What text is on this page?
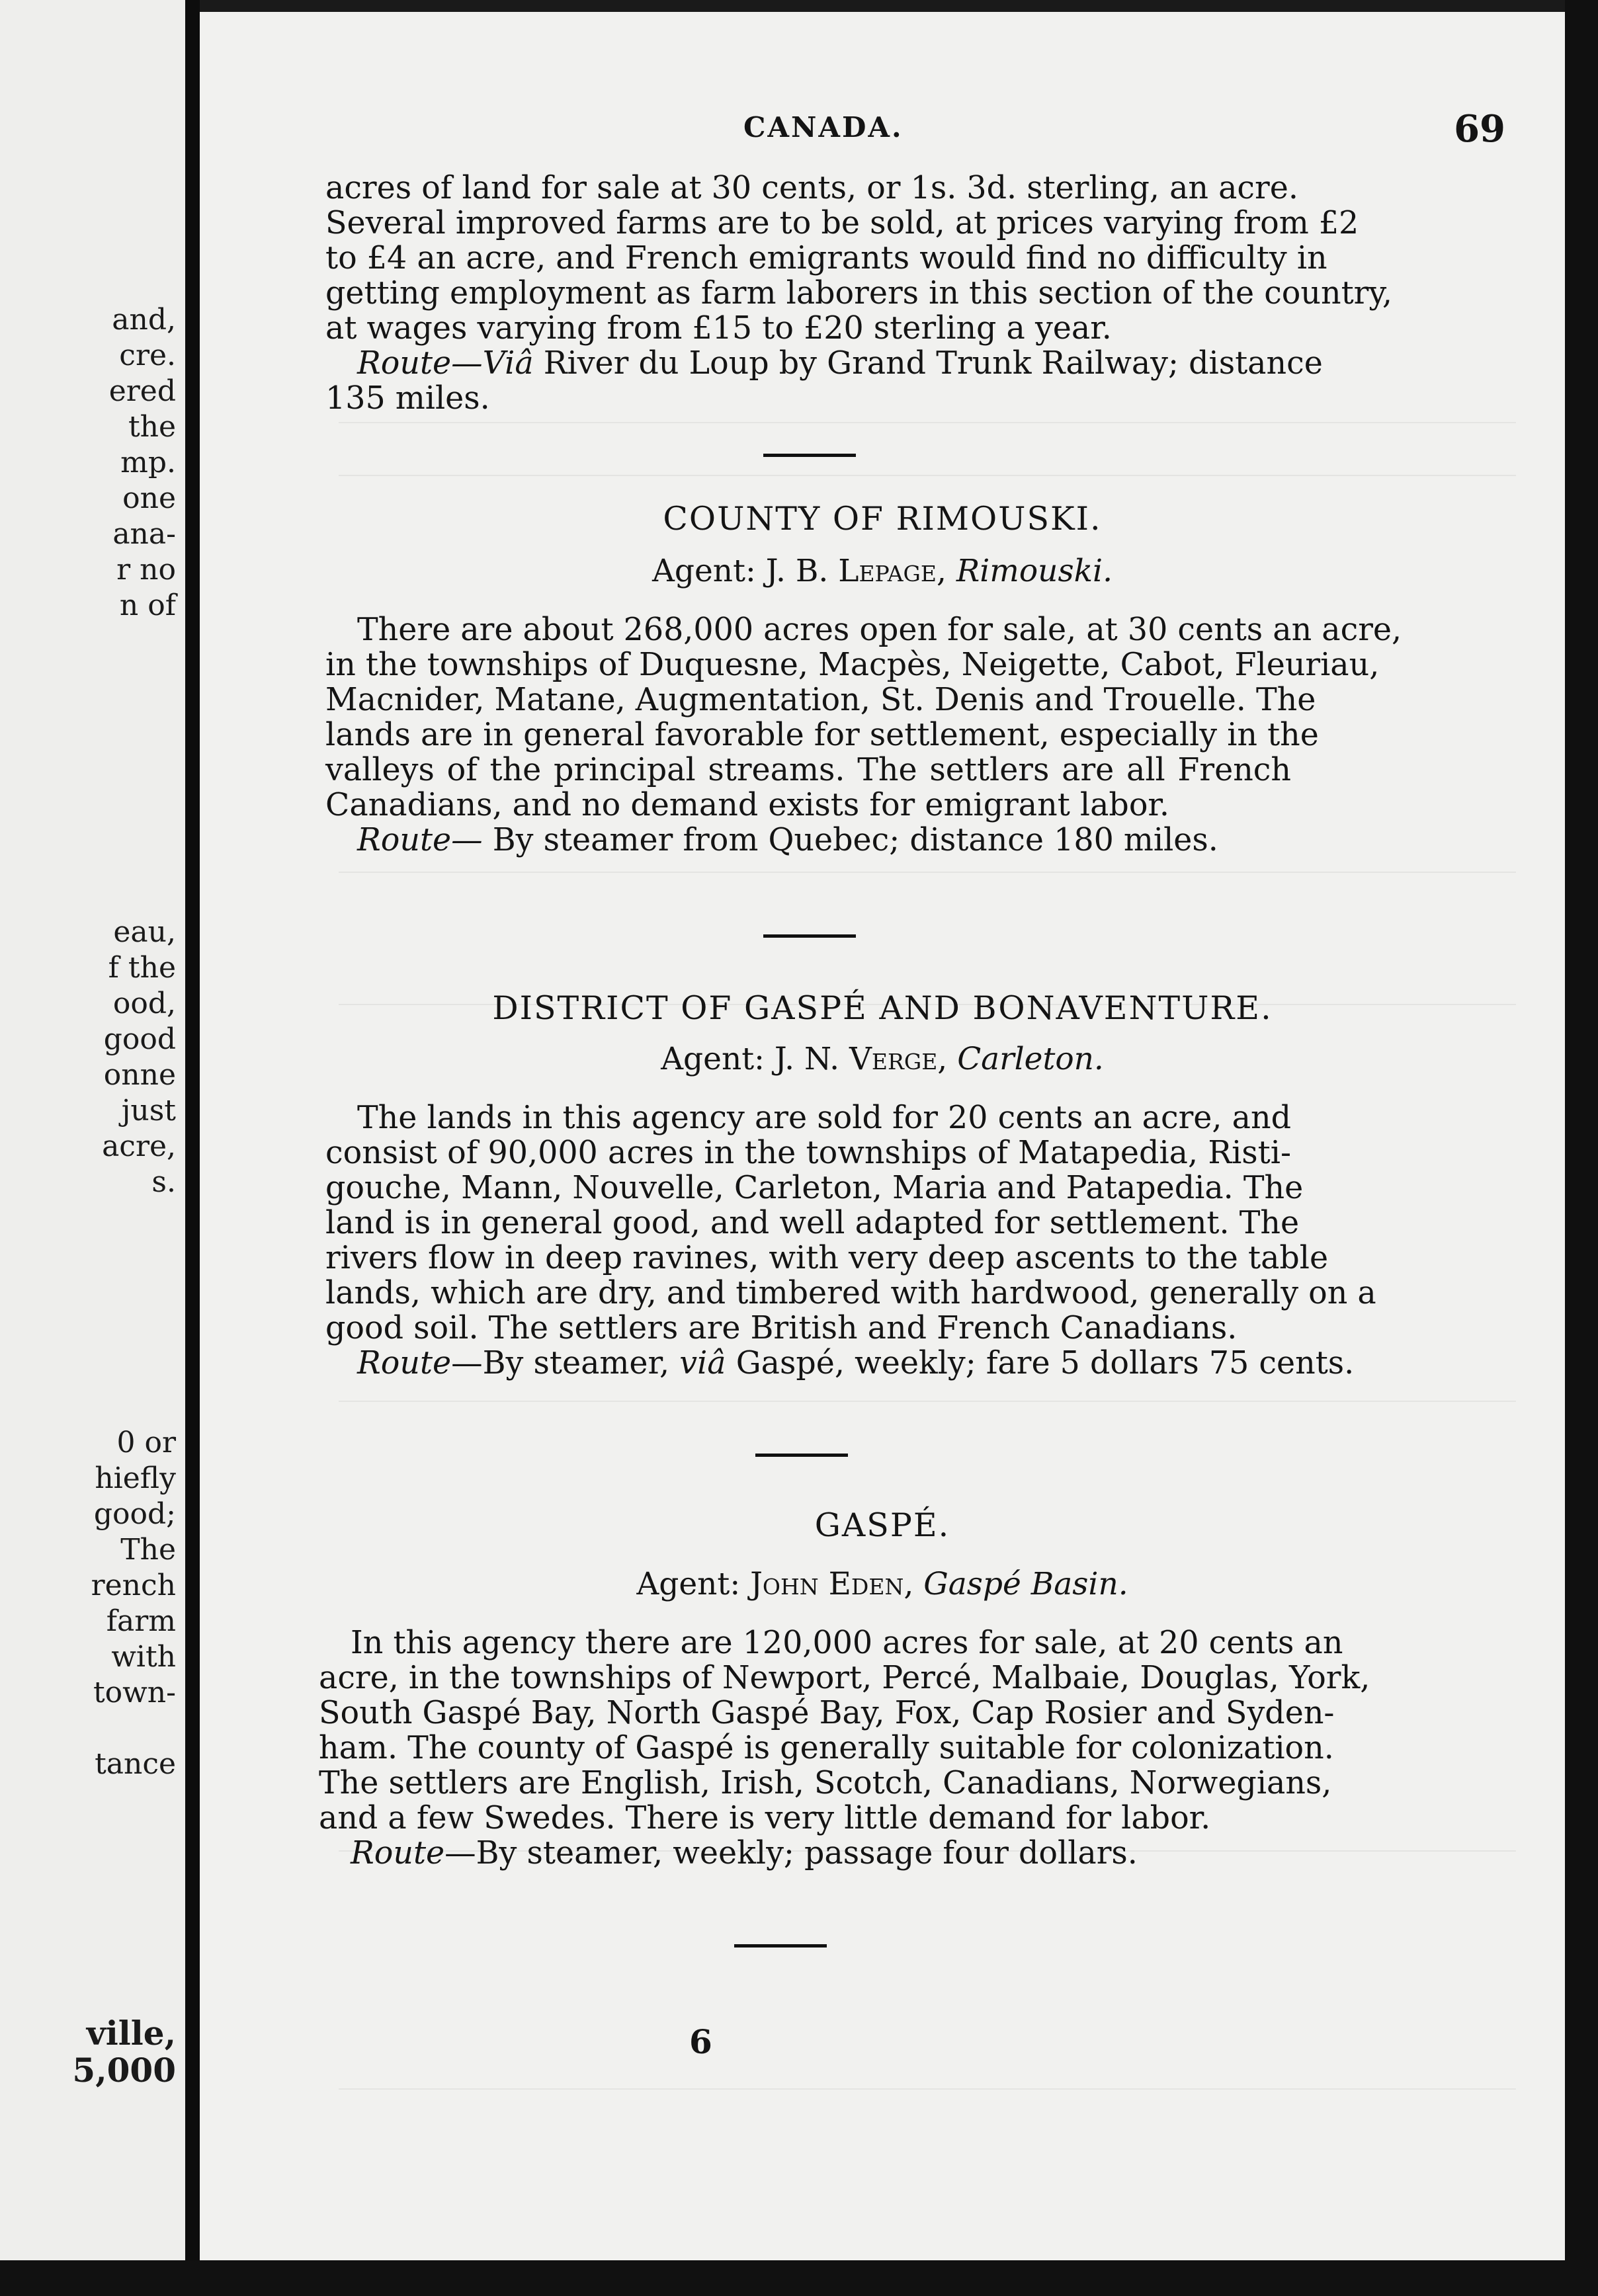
and,
cre.
ered
the
mp.
one
ana-
r no
n of
eau,
f the
ood,
good
onne
just
acre,
s.
0 or
hiefly
good;
The
rench
farm
with
town-
tance
ville,
5,000
CANADA.	69

acres of land for sale at 30 cents, or 1s. 3d. sterling, an acre.
Several improved farms are to be sold, at prices varying from £2
to £4 an acre, and French emigrants would find no difficulty in
getting employment as farm laborers in this section of the country,
at wages varying from £15 to £20 sterling a year.
Route—Viâ River du Loup by Grand Trunk Railway; distance
135 miles.

COUNTY OF RIMOUSKI.
Agent: J. B. Lepage, Rimouski.

There are about 268,000 acres open for sale, at 30 cents an acre,
in the townships of Duquesne, Macpès, Neigette, Cabot, Fleuriau,
Macnider, Matane, Augmentation, St. Denis and Trouelle. The
lands are in general favorable for settlement, especially in the
valleys of the principal streams. The settlers are all French
Canadians, and no demand exists for emigrant labor.
Route— By steamer from Quebec; distance 180 miles.

DISTRICT OF GASPÉ AND BONAVENTURE.
Agent: J. N. Verge, Carleton.

The lands in this agency are sold for 20 cents an acre, and
consist of 90,000 acres in the townships of Matapedia, Risti-
gouche, Mann, Nouvelle, Carleton, Maria and Patapedia. The
land is in general good, and well adapted for settlement. The
rivers flow in deep ravines, with very deep ascents to the table
lands, which are dry, and timbered with hardwood, generally on a
good soil. The settlers are British and French Canadians.
Route—By steamer, viâ Gaspé, weekly; fare 5 dollars 75 cents.

GASPÉ.
Agent: John Eden, Gaspé Basin.

In this agency there are 120,000 acres for sale, at 20 cents an
acre, in the townships of Newport, Percé, Malbaie, Douglas, York,
South Gaspé Bay, North Gaspé Bay, Fox, Cap Rosier and Syden-
ham. The county of Gaspé is generally suitable for colonization.
The settlers are English, Irish, Scotch, Canadians, Norwegians,
and a few Swedes. There is very little demand for labor.
Route—By steamer, weekly; passage four dollars.

6
